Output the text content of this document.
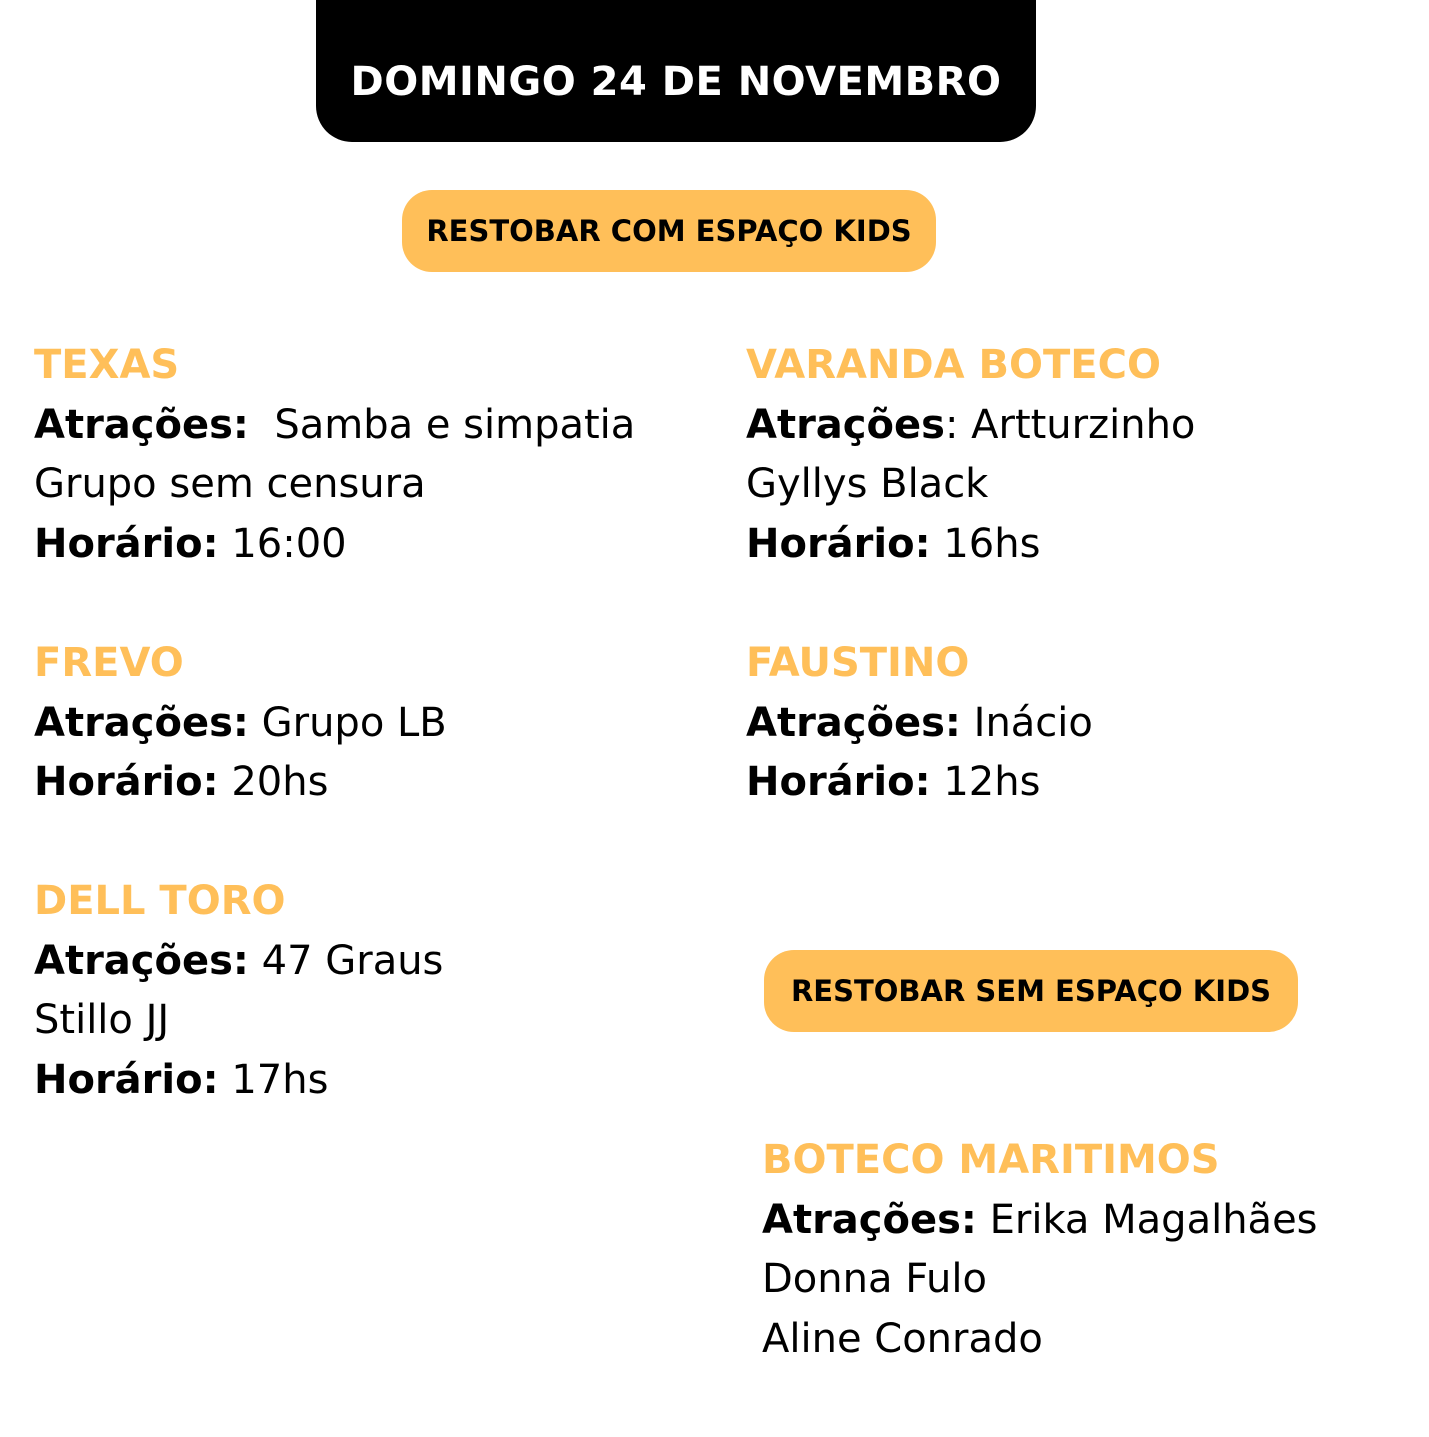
DOMINGO 24 DE NOVEMBRO
RESTOBAR COM ESPAÇO KIDS
TEXAS
Atrações: Samba e simpatia
Grupo sem censura
Horário: 16:00
VARANDA BOTECO
Atrações: Artturzinho
Gyllys Black
Horário: 16hs
FREVO
Atrações: Grupo LB
Horário: 20hs
FAUSTINO
Atrações: Inácio
Horário: 12hs
DELL TORO
Atrações: 47 Graus
Stillo JJ
Horário: 17hs
RESTOBAR SEM ESPAÇO KIDS
BOTECO MARITIMOS
Atrações: Erika Magalhães
Donna Fulo
Aline Conrado
